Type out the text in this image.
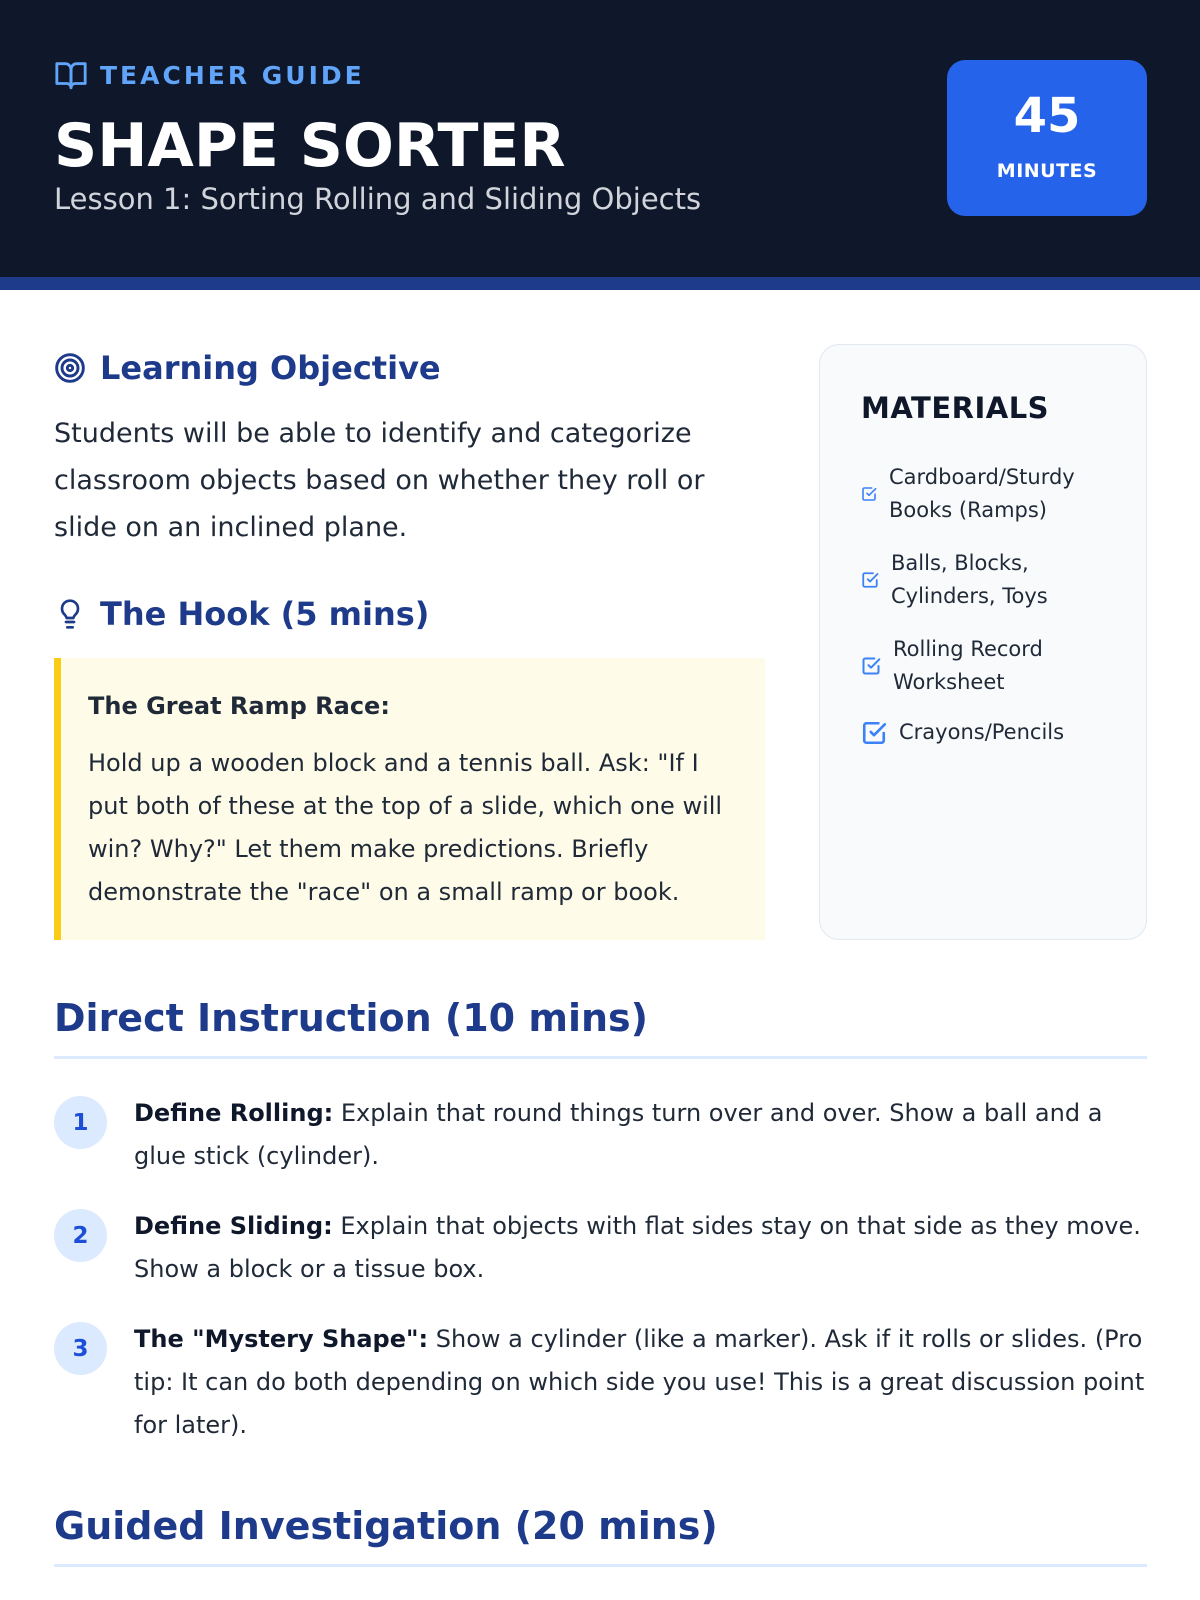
TEACHER GUIDE
SHAPE SORTER
Lesson 1: Sorting Rolling and Sliding Objects
45
MINUTES
Learning Objective
Students will be able to identify and categorize classroom objects based on whether they roll or slide on an inclined plane.
The Hook (5 mins)
The Great Ramp Race:
Hold up a wooden block and a tennis ball. Ask: "If I put both of these at the top of a slide, which one will win? Why?" Let them make predictions. Briefly demonstrate the "race" on a small ramp or book.
MATERIALS
Cardboard/Sturdy Books (Ramps)
Balls, Blocks, Cylinders, Toys
Rolling Record Worksheet
Crayons/Pencils
Direct Instruction (10 mins)
1	Define Rolling: Explain that round things turn over and over. Show a ball and a glue stick (cylinder).
2	Define Sliding: Explain that objects with flat sides stay on that side as they move. Show a block or a tissue box.
3	The "Mystery Shape": Show a cylinder (like a marker). Ask if it rolls or slides. (Pro tip: It can do both depending on which side you use! This is a great discussion point for later).
Guided Investigation (20 mins)
